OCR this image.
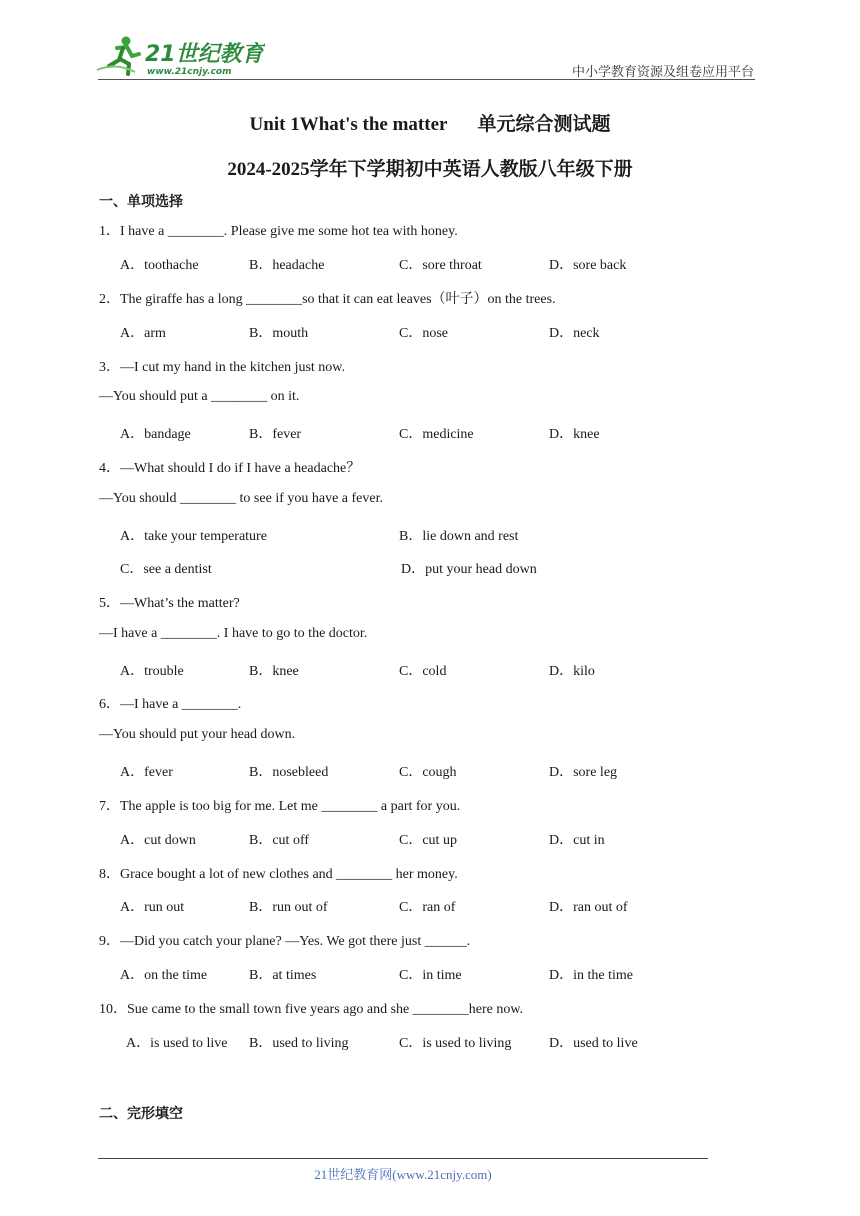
21世纪教育
www.21cnjy.com	中小学教育资源及组卷应用平台
Unit 1What's the matter 单元综合测试题
2024-2025学年下学期初中英语人教版八年级下册
一、单项选择
1．I have a ________. Please give me some hot tea with honey.
A．toothache	B．headache	C．sore throat	D．sore back
2．The giraffe has a long ________so that it can eat leaves（叶子）on the trees.
A．arm	B．mouth	C．nose	D．neck
3．—I cut my hand in the kitchen just now.
—You should put a ________ on it.
A．bandage	B．fever	C．medicine	D．knee
4．—What should I do if I have a headache？
—You should ________ to see if you have a fever.
A．take your temperature	B．lie down and rest
C．see a dentist	D．put your head down
5．—What’s the matter?
—I have a ________. I have to go to the doctor.
A．trouble	B．knee	C．cold	D．kilo
6．—I have a ________.
—You should put your head down.
A．fever	B．nosebleed	C．cough	D．sore leg
7．The apple is too big for me. Let me ________ a part for you.
A．cut down	B．cut off	C．cut up	D．cut in
8．Grace bought a lot of new clothes and ________ her money.
A．run out	B．run out of	C．ran of	D．ran out of
9．—Did you catch your plane? —Yes. We got there just ______.
A．on the time	B．at times	C．in time	D．in the time
10．Sue came to the small town five years ago and she ________here now.
A．is used to live B．used to living	C．is used to living	D．used to live
二、完形填空
21世纪教育网(www.21cnjy.com)
